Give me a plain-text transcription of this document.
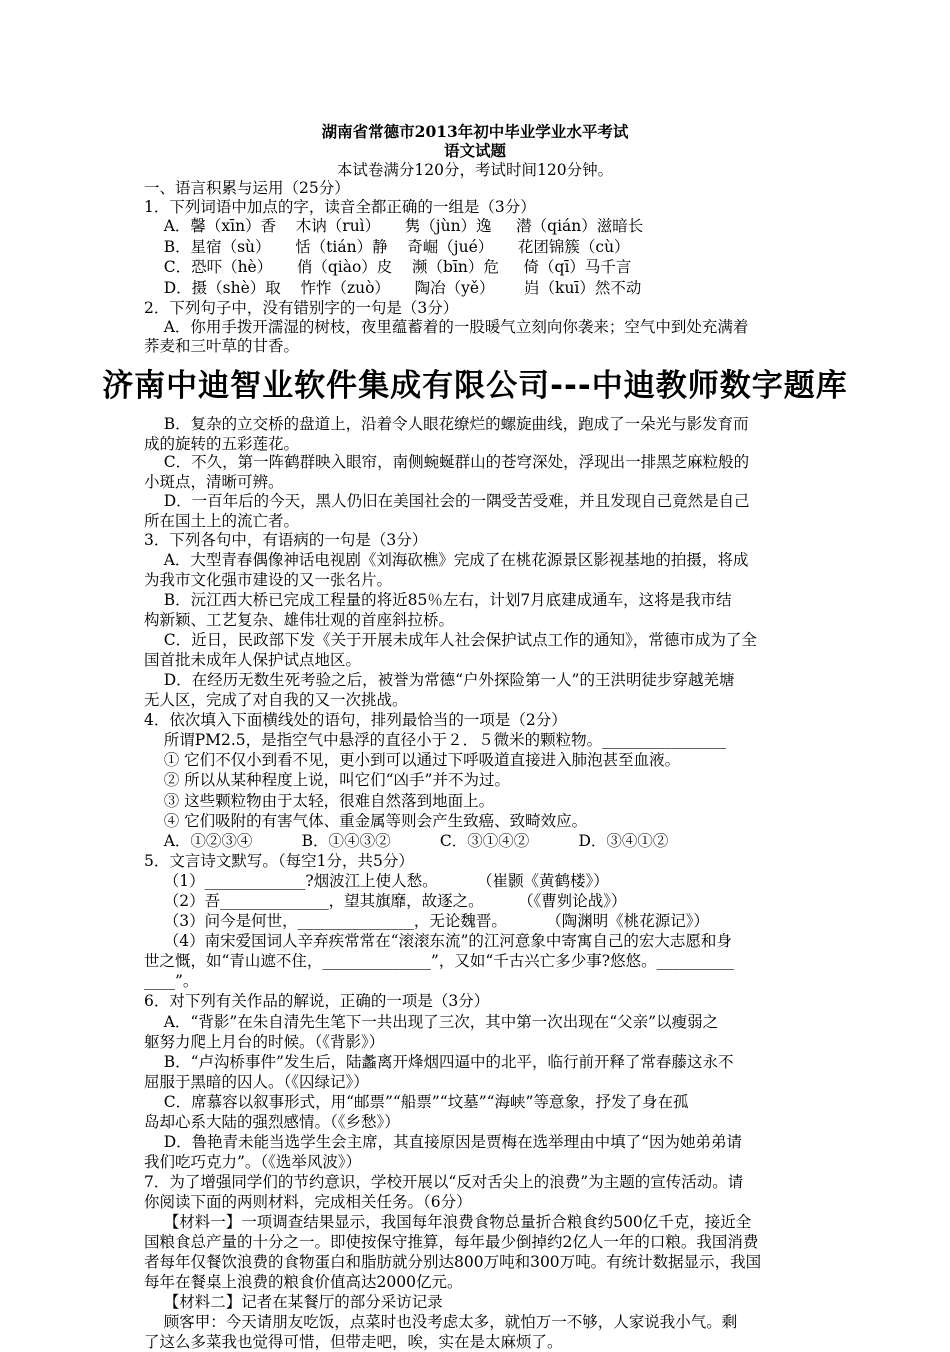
湖南省常德市2013年初中毕业学业水平考试
语文试题
本试卷满分120分，考试时间120分钟。
一、语言积累与运用（25分）
1．下列词语中加点的字，读音全都正确的一组是（3分）
A．馨（xīn）香    木讷（ruì）     隽（jùn）逸     潜（qián）滋暗长
B．星宿（sù）     恬（tián）静    奇崛（jué）     花团锦簇（cù）
C．恐吓（hè）     俏（qiào）皮    濒（bīn）危     倚（qī）马千言
D．摄（shè）取    怍怍（zuò）     陶冶（yě）      岿（kuī）然不动
2．下列句子中，没有错别字的一句是（3分）
A．你用手拨开濡湿的树枝，夜里蕴蓄着的一股暖气立刻向你袭来；空气中到处充满着
荞麦和三叶草的甘香。
B．复杂的立交桥的盘道上，沿着令人眼花缭烂的螺旋曲线，跑成了一朵光与影发育而
成的旋转的五彩莲花。
C．不久，第一阵鹤群映入眼帘，南侧蜿蜒群山的苍穹深处，浮现出一排黑芝麻粒般的
小斑点，清晰可辨。
D．一百年后的今天，黑人仍旧在美国社会的一隅受苦受难，并且发现自己竟然是自己
所在国土上的流亡者。
3．下列各句中，有语病的一句是（3分）
A．大型青春偶像神话电视剧《刘海砍樵》完成了在桃花源景区影视基地的拍摄，将成
为我市文化强市建设的又一张名片。
B．沅江西大桥已完成工程量的将近85％左右，计划7月底建成通车，这将是我市结
构新颖、工艺复杂、雄伟壮观的首座斜拉桥。
C．近日，民政部下发《关于开展未成年人社会保护试点工作的通知》，常德市成为了全
国首批未成年人保护试点地区。
D．在经历无数生死考验之后，被誉为常德“户外探险第一人”的王洪明徒步穿越羌塘
无人区，完成了对自我的又一次挑战。
4．依次填入下面横线处的语句，排列最恰当的一项是（2分）
所谓PM2.5，是指空气中悬浮的直径小于２．５微米的颗粒物。________________
① 它们不仅小到看不见，更小到可以通过下呼吸道直接进入肺泡甚至血液。
② 所以从某种程度上说，叫它们“凶手”并不为过。
③ 这些颗粒物由于太轻，很难自然落到地面上。
④ 它们吸附的有害气体、重金属等则会产生致癌、致畸效应。
A．①②③④          B．①④③②          C．③①④②          D．③④①②
5．文言诗文默写。（每空1分，共5分）
（1）_____________?烟波江上使人愁。        （崔颢《黄鹤楼》）
（2）吾______________，望其旗靡，故逐之。       （《曹刿论战》）
（3）问今是何世，_______________，无论魏晋。        （陶渊明《桃花源记》）
（4）南宋爱国词人辛弃疾常常在“滚滚东流”的江河意象中寄寓自己的宏大志愿和身
世之慨，如“青山遮不住，______________”，又如“千古兴亡多少事?悠悠。__________
____”。
6．对下列有关作品的解说，正确的一项是（3分）
A．“背影”在朱自清先生笔下一共出现了三次，其中第一次出现在“父亲”以瘦弱之
躯努力爬上月台的时候。（《背影》）
B．“卢沟桥事件”发生后，陆蠡离开烽烟四逼中的北平，临行前开释了常春藤这永不
屈服于黑暗的囚人。（《囚绿记》）
C．席慕容以叙事形式，用“邮票”“船票”“坟墓”“海峡”等意象，抒发了身在孤
岛却心系大陆的强烈感情。（《乡愁》）
D．鲁艳青未能当选学生会主席，其直接原因是贾梅在选举理由中填了“因为她弟弟请
我们吃巧克力”。（《选举风波》）
7．为了增强同学们的节约意识，学校开展以“反对舌尖上的浪费”为主题的宣传活动。请
你阅读下面的两则材料，完成相关任务。（6分）
【材料一】一项调查结果显示，我国每年浪费食物总量折合粮食约500亿千克，接近全
国粮食总产量的十分之一。即使按保守推算，每年最少倒掉约2亿人一年的口粮。我国消费
者每年仅餐饮浪费的食物蛋白和脂肪就分别达800万吨和300万吨。有统计数据显示，我国
每年在餐桌上浪费的粮食价值高达2000亿元。
【材料二】记者在某餐厅的部分采访记录
顾客甲：今天请朋友吃饭，点菜时也没考虑太多，就怕万一不够，人家说我小气。剩
了这么多菜我也觉得可惜，但带走吧，唉，实在是太麻烦了。
济南中迪智业软件集成有限公司---中迪教师数字题库
